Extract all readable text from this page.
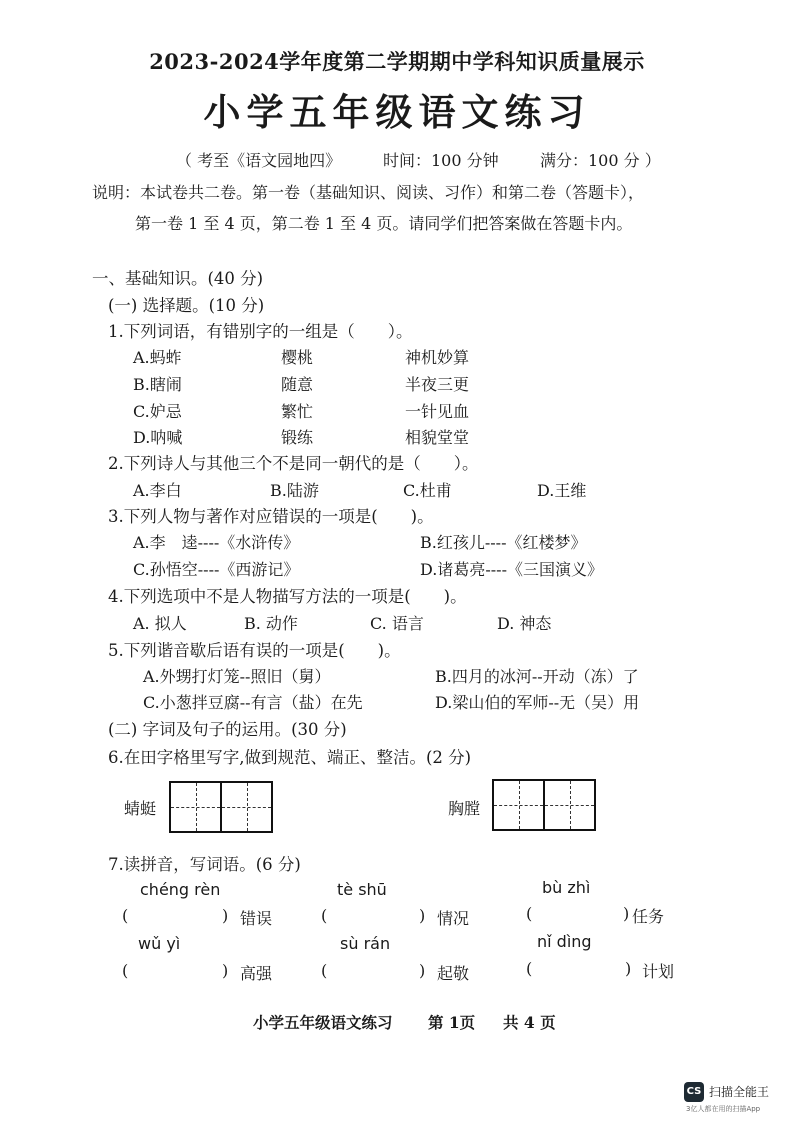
2023-2024学年度第二学期期中学科知识质量展示
小学五年级语文练习
（ 考至《语文园地四》	时间：100 分钟	满分：100 分 ）
说明：本试卷共二卷。第一卷（基础知识、阅读、习作）和第二卷（答题卡），
第一卷 1 至 4 页，第二卷 1 至 4 页。请同学们把答案做在答题卡内。
一、基础知识。(40 分)
(一) 选择题。(10 分)
1.下列词语，有错别字的一组是（　　）。
A.蚂蚱	樱桃	神机妙算
B.瞎闹	随意	半夜三更
C.妒忌	繁忙	一针见血
D.呐喊	锻练	相貌堂堂
2.下列诗人与其他三个不是同一朝代的是（　　）。
A.李白	B.陆游	C.杜甫	D.王维
3.下列人物与著作对应错误的一项是(　　)。
A.李　逵----《水浒传》	B.红孩儿----《红楼梦》
C.孙悟空----《西游记》	D.诸葛亮----《三国演义》
4.下列选项中不是人物描写方法的一项是(　　)。
A. 拟人	B. 动作	C. 语言	D. 神态
5.下列谐音歇后语有误的一项是(　　)。
A.外甥打灯笼--照旧（舅）	B.四月的冰河--开动（冻）了
C.小葱拌豆腐--有言（盐）在先	D.梁山伯的军师--无（吴）用
(二) 字词及句子的运用。(30 分)
6.在田字格里写字,做到规范、端正、整洁。(2 分)
蜻蜓	胸膛
7.读拼音，写词语。(6 分)
chéng rèn	tè shū	bù zhì
(	) 错误	(	) 情况	(	) 任务
wǔ yì	sù rán	nǐ dìng
(	) 高强	(	) 起敬	(	) 计划
小学五年级语文练习 第 1页 共 4 页
CS 扫描全能王
3亿人都在用的扫描App
